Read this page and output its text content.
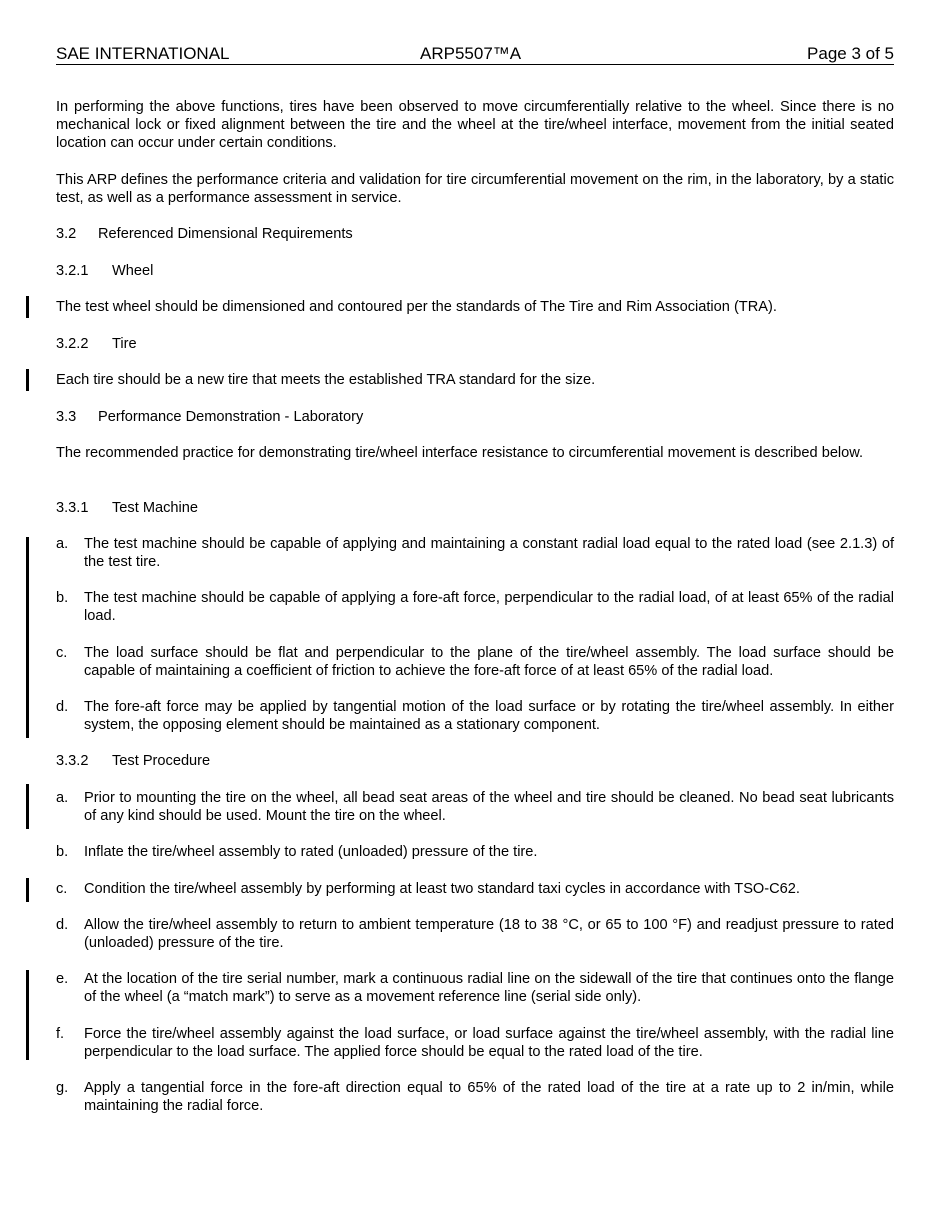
SAE INTERNATIONAL	ARP5507™A	Page 3 of 5

In performing the above functions, tires have been observed to move circumferentially relative to the wheel. Since there is no mechanical lock or fixed alignment between the tire and the wheel at the tire/wheel interface, movement from the initial seated location can occur under certain conditions.

This ARP defines the performance criteria and validation for tire circumferential movement on the rim, in the laboratory, by a static test, as well as a performance assessment in service.

3.2 Referenced Dimensional Requirements
3.2.1 Wheel

The test wheel should be dimensioned and contoured per the standards of The Tire and Rim Association (TRA).

3.2.2 Tire

Each tire should be a new tire that meets the established TRA standard for the size.

3.3 Performance Demonstration - Laboratory

The recommended practice for demonstrating tire/wheel interface resistance to circumferential movement is described below.

3.3.1 Test Machine
a.	The test machine should be capable of applying and maintaining a constant radial load equal to the rated load (see 2.1.3) of the test tire.
b.	The test machine should be capable of applying a fore-aft force, perpendicular to the radial load, of at least 65% of the radial load.
c.	The load surface should be flat and perpendicular to the plane of the tire/wheel assembly. The load surface should be capable of maintaining a coefficient of friction to achieve the fore-aft force of at least 65% of the radial load.
d.	The fore-aft force may be applied by tangential motion of the load surface or by rotating the tire/wheel assembly. In either system, the opposing element should be maintained as a stationary component.
3.3.2 Test Procedure
a.	Prior to mounting the tire on the wheel, all bead seat areas of the wheel and tire should be cleaned. No bead seat lubricants of any kind should be used. Mount the tire on the wheel.
b.	Inflate the tire/wheel assembly to rated (unloaded) pressure of the tire.
c.	Condition the tire/wheel assembly by performing at least two standard taxi cycles in accordance with TSO-C62.
d.	Allow the tire/wheel assembly to return to ambient temperature (18 to 38 °C, or 65 to 100 °F) and readjust pressure to rated (unloaded) pressure of the tire.
e.	At the location of the tire serial number, mark a continuous radial line on the sidewall of the tire that continues onto the flange of the wheel (a “match mark”) to serve as a movement reference line (serial side only).
f.	Force the tire/wheel assembly against the load surface, or load surface against the tire/wheel assembly, with the radial line perpendicular to the load surface. The applied force should be equal to the rated load of the tire.
g.	Apply a tangential force in the fore-aft direction equal to 65% of the rated load of the tire at a rate up to 2 in/min, while maintaining the radial force.
